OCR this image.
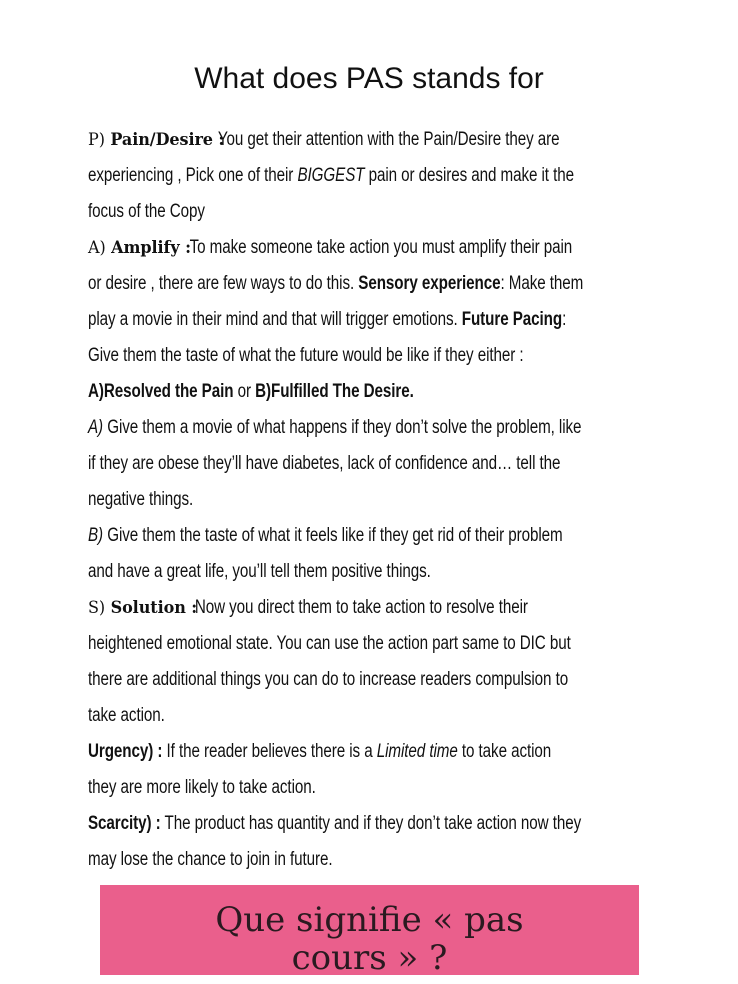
What does PAS stands for
P) Pain/Desire :You get their attention with the Pain/Desire they are
experiencing , Pick one of their BIGGEST pain or desires and make it the
focus of the Copy
A) Amplify :To make someone take action you must amplify their pain
or desire , there are few ways to do this. Sensory experience: Make them
play a movie in their mind and that will trigger emotions. Future Pacing:
Give them the taste of what the future would be like if they either :
A)Resolved the Pain or B)Fulfilled The Desire.
A) Give them a movie of what happens if they don’t solve the problem, like
if they are obese they’ll have diabetes, lack of confidence and… tell the
negative things.
B) Give them the taste of what it feels like if they get rid of their problem
and have a great life, you’ll tell them positive things.
S) Solution :Now you direct them to take action to resolve their
heightened emotional state. You can use the action part same to DIC but
there are additional things you can do to increase readers compulsion to
take action.
Urgency) : If the reader believes there is a Limited time to take action
they are more likely to take action.
Scarcity) : The product has quantity and if they don’t take action now they
may lose the chance to join in future.
Que signifie « pas
cours » ?
